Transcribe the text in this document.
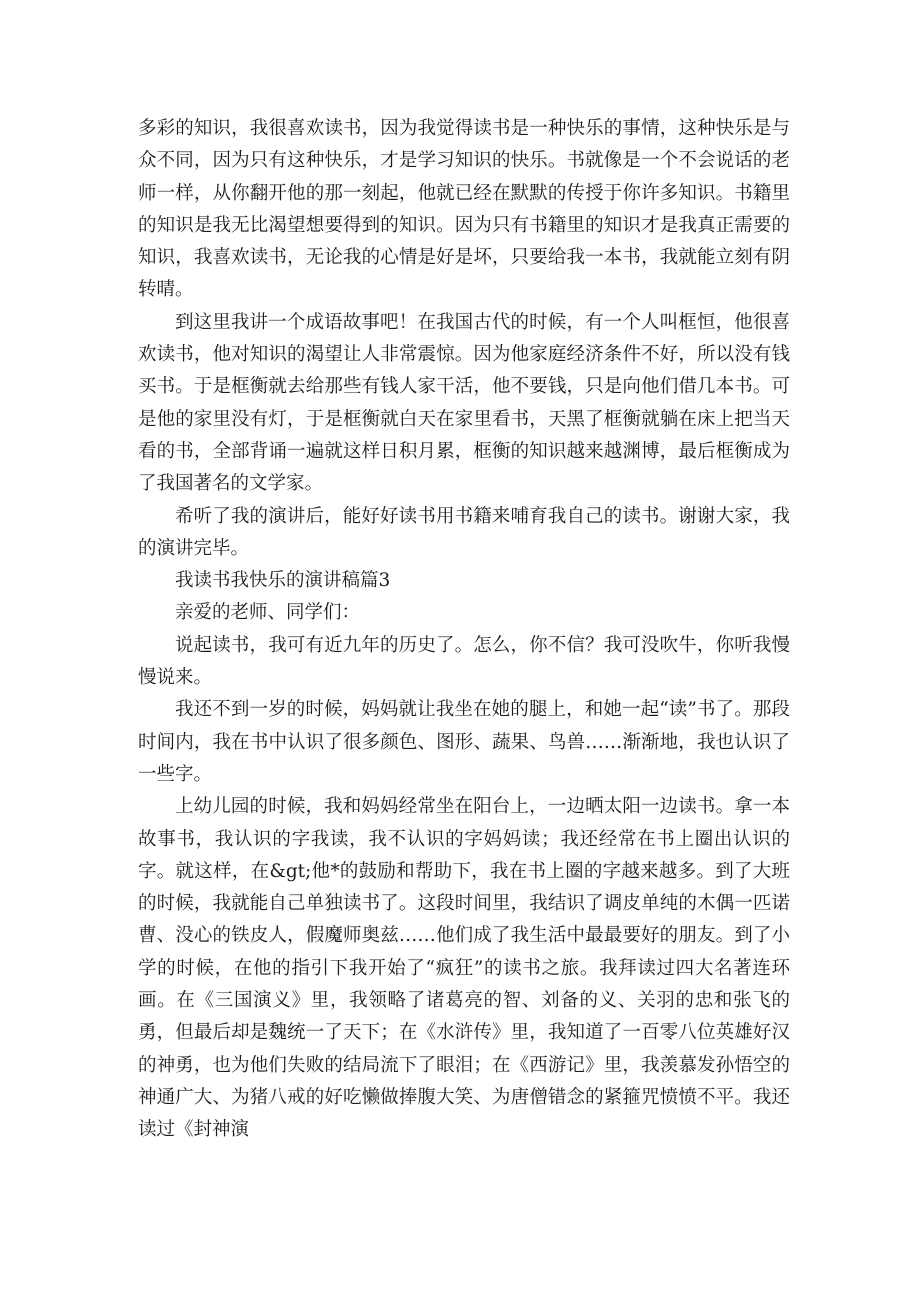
多彩的知识，我很喜欢读书，因为我觉得读书是一种快乐的事情，这种快乐是与众不同，因为只有这种快乐，才是学习知识的快乐。书就像是一个不会说话的老师一样，从你翻开他的那一刻起，他就已经在默默的传授于你许多知识。书籍里的知识是我无比渴望想要得到的知识。因为只有书籍里的知识才是我真正需要的知识，我喜欢读书，无论我的心情是好是坏，只要给我一本书，我就能立刻有阴转晴。

到这里我讲一个成语故事吧！在我国古代的时候，有一个人叫框恒，他很喜欢读书，他对知识的渴望让人非常震惊。因为他家庭经济条件不好，所以没有钱买书。于是框衡就去给那些有钱人家干活，他不要钱，只是向他们借几本书。可是他的家里没有灯，于是框衡就白天在家里看书，天黑了框衡就躺在床上把当天看的书，全部背诵一遍就这样日积月累，框衡的知识越来越渊博，最后框衡成为了我国著名的文学家。

希听了我的演讲后，能好好读书用书籍来哺育我自己的读书。谢谢大家，我的演讲完毕。

我读书我快乐的演讲稿篇3

亲爱的老师、同学们：

说起读书，我可有近九年的历史了。怎么，你不信？我可没吹牛，你听我慢慢说来。

我还不到一岁的时候，妈妈就让我坐在她的腿上，和她一起“读”书了。那段时间内，我在书中认识了很多颜色、图形、蔬果、鸟兽……渐渐地，我也认识了一些字。

上幼儿园的时候，我和妈妈经常坐在阳台上，一边晒太阳一边读书。拿一本故事书，我认识的字我读，我不认识的字妈妈读；我还经常在书上圈出认识的字。就这样，在&gt;他*的鼓励和帮助下，我在书上圈的字越来越多。到了大班的时候，我就能自己单独读书了。这段时间里，我结识了调皮单纯的木偶一匹诺曹、没心的铁皮人，假魔师奥兹……他们成了我生活中最最要好的朋友。到了小学的时候，在他的指引下我开始了“疯狂”的读书之旅。我拜读过四大名著连环画。在《三国演义》里，我领略了诸葛亮的智、刘备的义、关羽的忠和张飞的勇，但最后却是魏统一了天下；在《水浒传》里，我知道了一百零八位英雄好汉的神勇，也为他们失败的结局流下了眼泪；在《西游记》里，我羡慕发孙悟空的神通广大、为猪八戒的好吃懒做捧腹大笑、为唐僧错念的紧箍咒愤愤不平。我还读过《封神演
